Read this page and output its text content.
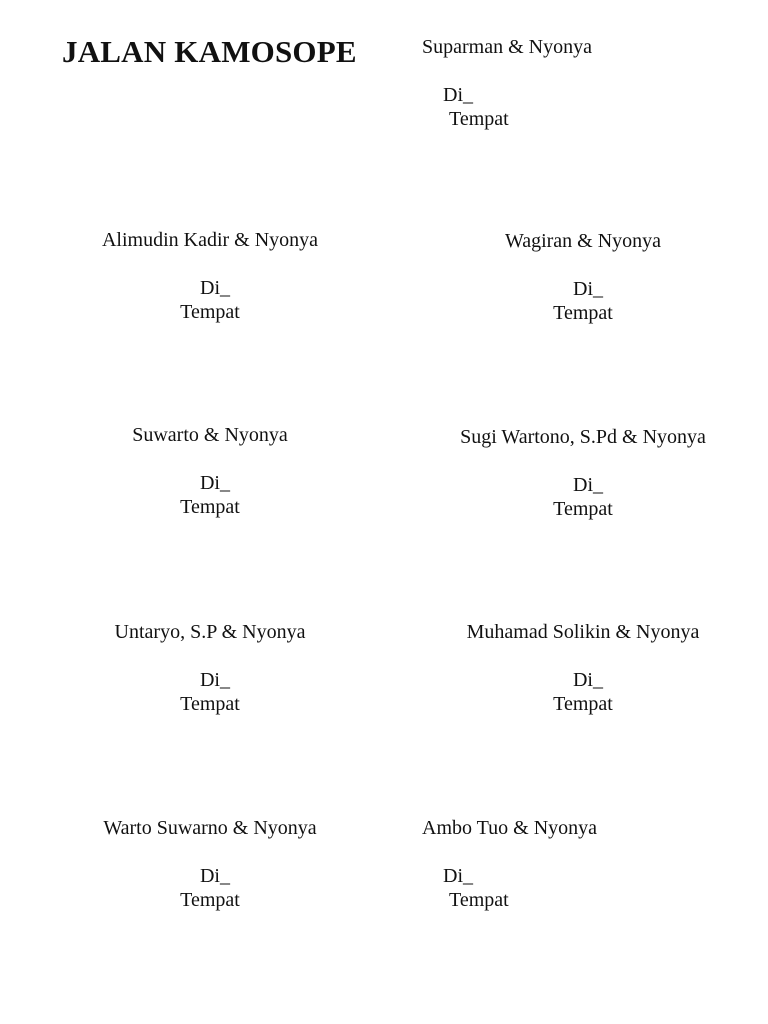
JALAN KAMOSOPE	Suparman & Nyonya
Di_
Tempat
Alimudin Kadir & Nyonya
Di_
Tempat
Wagiran & Nyonya
Di_
Tempat
Suwarto & Nyonya
Di_
Tempat
Sugi Wartono, S.Pd & Nyonya
Di_
Tempat
Untaryo, S.P & Nyonya
Di_
Tempat
Muhamad Solikin & Nyonya
Di_
Tempat
Warto Suwarno & Nyonya
Di_
Tempat
Ambo Tuo & Nyonya
Di_
Tempat
